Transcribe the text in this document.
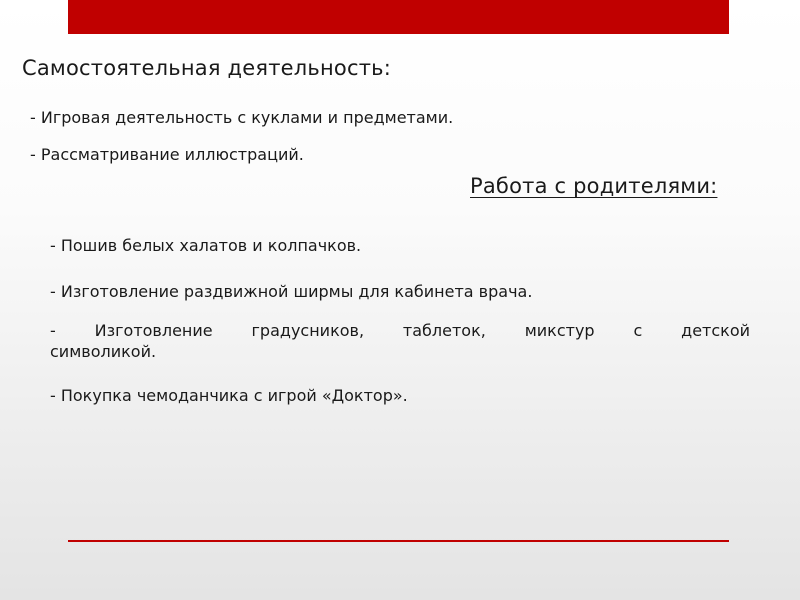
Самостоятельная деятельность:

- Игровая деятельность с куклами и предметами.

- Рассматривание иллюстраций.

Работа с родителями:

- Пошив белых халатов и колпачков.

- Изготовление раздвижной ширмы для кабинета врача.

- Изготовление градусников, таблеток, микстур с детской

символикой.

- Покупка чемоданчика с игрой «Доктор».
